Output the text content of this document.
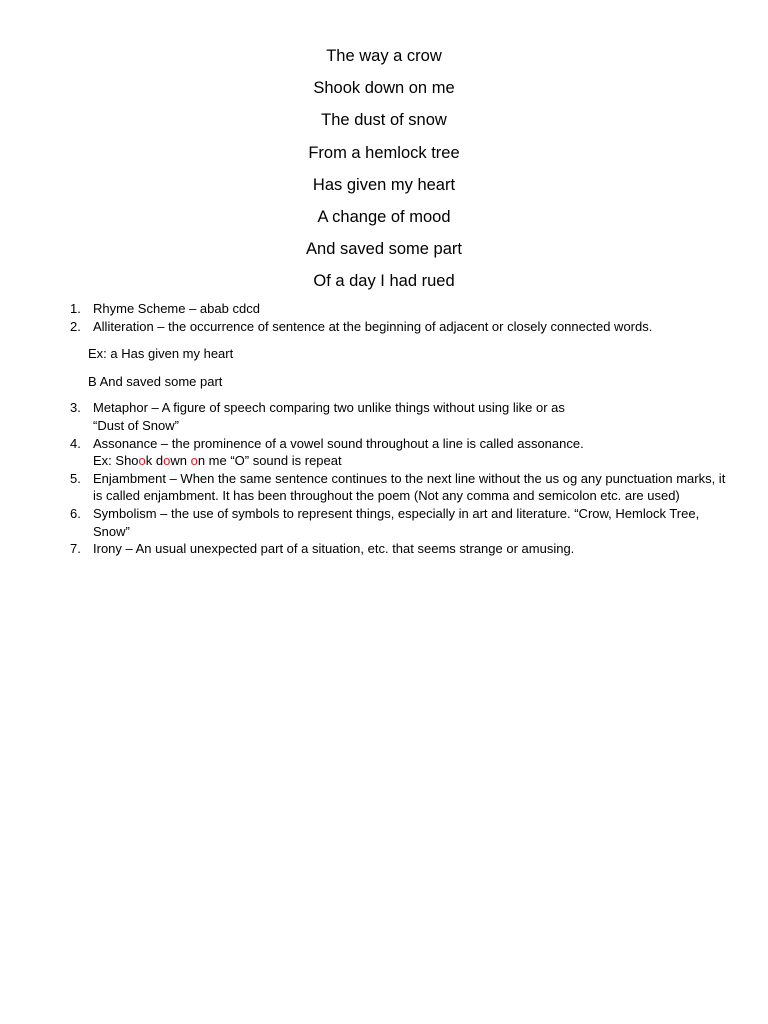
The way a crow
Shook down on me
The dust of snow
From a hemlock tree
Has given my heart
A change of mood
And saved some part
Of a day I had rued
1. Rhyme Scheme – abab cdcd
2. Alliteration – the occurrence of sentence at the beginning of adjacent or closely connected words.
Ex: a Has given my heart
B And saved some part
3. Metaphor – A figure of speech comparing two unlike things without using like or as
“Dust of Snow”
4. Assonance – the prominence of a vowel sound throughout a line is called assonance.
Ex: Shook down on me “O” sound is repeat
5. Enjambment – When the same sentence continues to the next line without the us og any punctuation marks, it is called enjambment. It has been throughout the poem (Not any comma and semicolon etc. are used)
6. Symbolism – the use of symbols to represent things, especially in art and literature. “Crow, Hemlock Tree, Snow”
7. Irony – An usual unexpected part of a situation, etc. that seems strange or amusing.
